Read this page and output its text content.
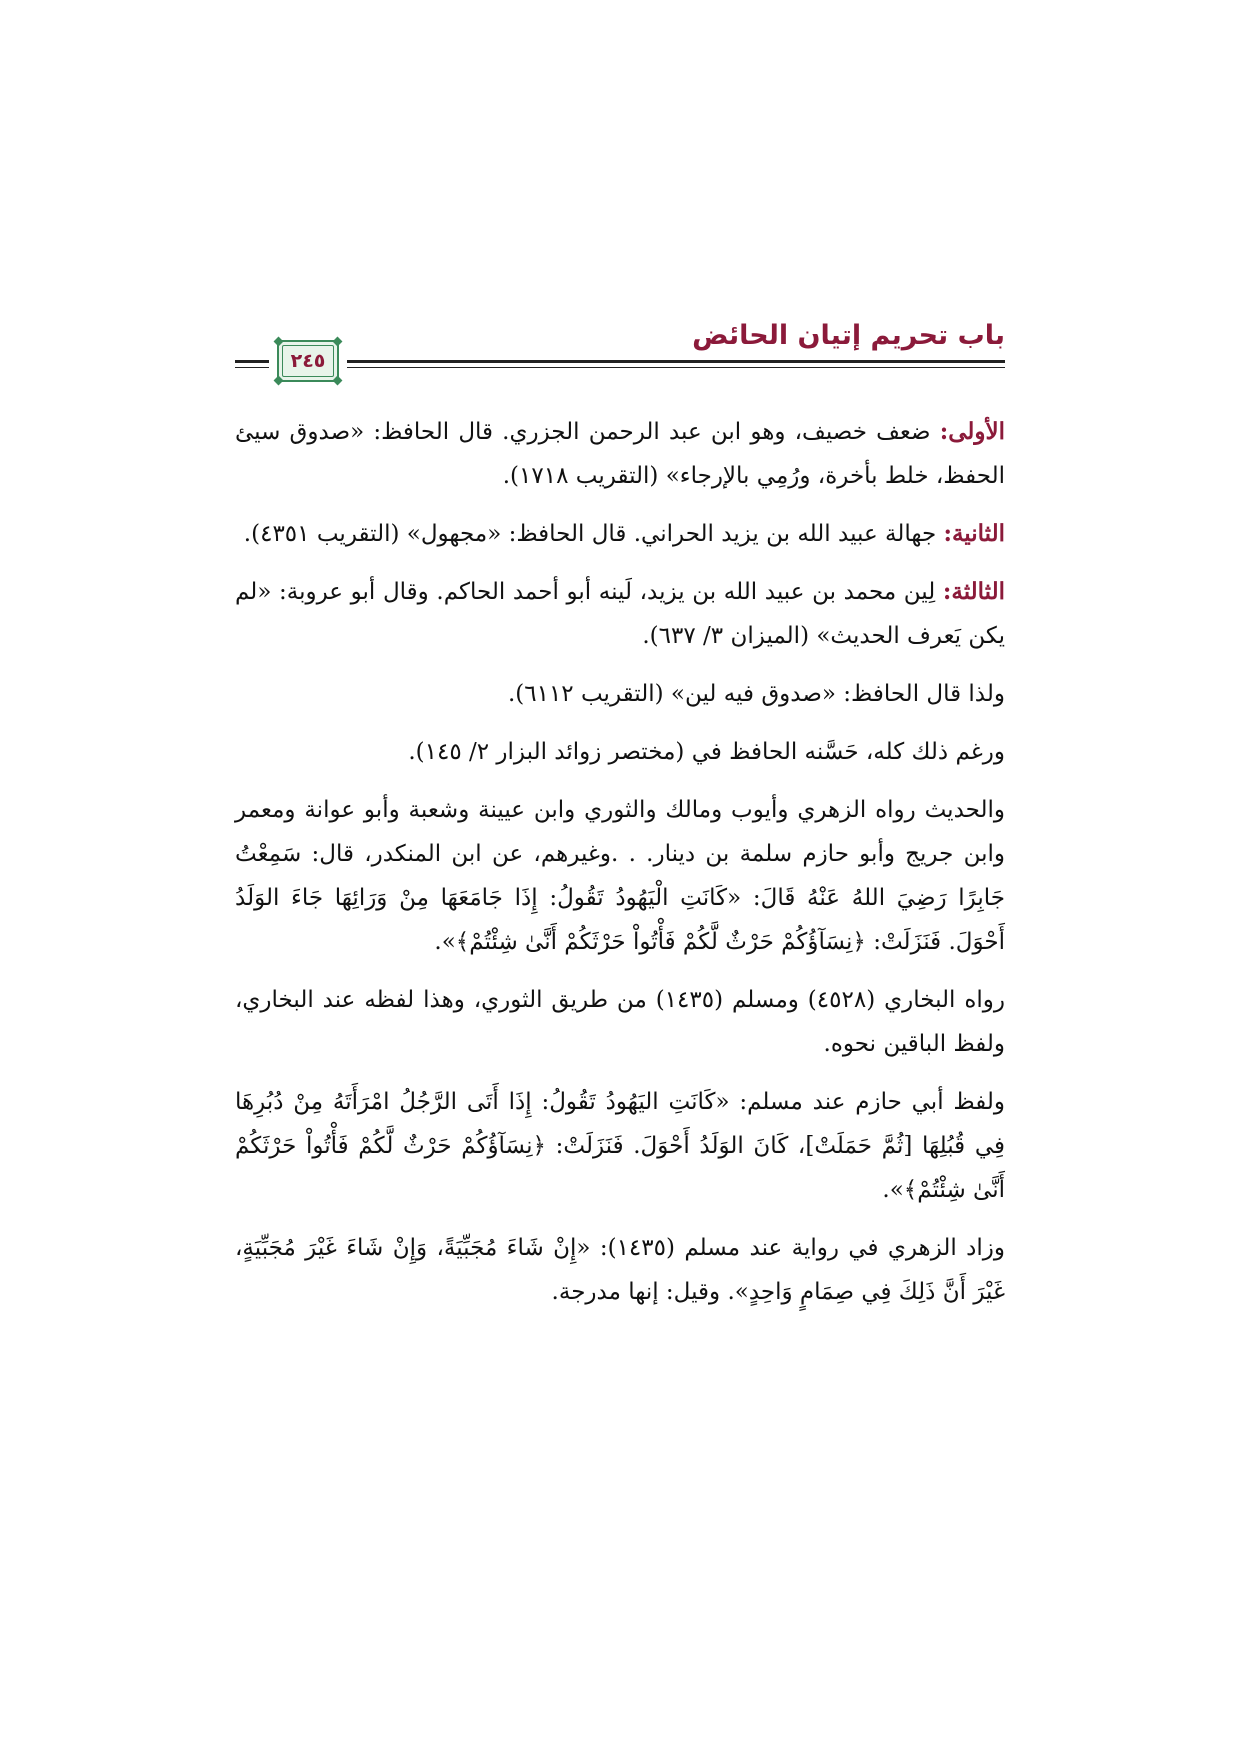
باب تحريم إتيان الحائض
٢٤٥

الأولى: ضعف خصيف، وهو ابن عبد الرحمن الجزري. قال الحافظ: «صدوق سيئ الحفظ، خلط بأخرة، ورُمِي بالإرجاء» (التقريب ١٧١٨).

الثانية: جهالة عبيد الله بن يزيد الحراني. قال الحافظ: «مجهول» (التقريب ٤٣٥١).

الثالثة: لِين محمد بن عبيد الله بن يزيد، لَينه أبو أحمد الحاكم. وقال أبو عروبة: «لم يكن يَعرف الحديث» (الميزان ٣/ ٦٣٧).

ولذا قال الحافظ: «صدوق فيه لين» (التقريب ٦١١٢).

ورغم ذلك كله، حَسَّنه الحافظ في (مختصر زوائد البزار ٢/ ١٤٥).

والحديث رواه الزهري وأيوب ومالك والثوري وابن عيينة وشعبة وأبو عوانة ومعمر وابن جريج وأبو حازم سلمة بن دينار. . .وغيرهم، عن ابن المنكدر، قال: سَمِعْتُ جَابِرًا رَضِيَ اللهُ عَنْهُ قَالَ: «كَانَتِ الْيَهُودُ تَقُولُ: إِذَا جَامَعَهَا مِنْ وَرَائِهَا جَاءَ الوَلَدُ أَحْوَلَ. فَنَزَلَتْ: ﴿نِسَآؤُكُمْ حَرْثٌ لَّكُمْ فَأْتُواْ حَرْثَكُمْ أَنَّىٰ شِئْتُمْ﴾».

رواه البخاري (٤٥٢٨) ومسلم (١٤٣٥) من طريق الثوري، وهذا لفظه عند البخاري، ولفظ الباقين نحوه.

ولفظ أبي حازم عند مسلم: «كَانَتِ اليَهُودُ تَقُولُ: إِذَا أَتَى الرَّجُلُ امْرَأَتَهُ مِنْ دُبُرِهَا فِي قُبُلِهَا [ثُمَّ حَمَلَتْ]، كَانَ الوَلَدُ أَحْوَلَ. فَنَزَلَتْ: ﴿نِسَآؤُكُمْ حَرْثٌ لَّكُمْ فَأْتُواْ حَرْثَكُمْ أَنَّىٰ شِئْتُمْ﴾».

وزاد الزهري في رواية عند مسلم (١٤٣٥): «إِنْ شَاءَ مُجَبِّيَةً، وَإِنْ شَاءَ غَيْرَ مُجَبِّيَةٍ، غَيْرَ أَنَّ ذَلِكَ فِي صِمَامٍ وَاحِدٍ». وقيل: إنها مدرجة.
